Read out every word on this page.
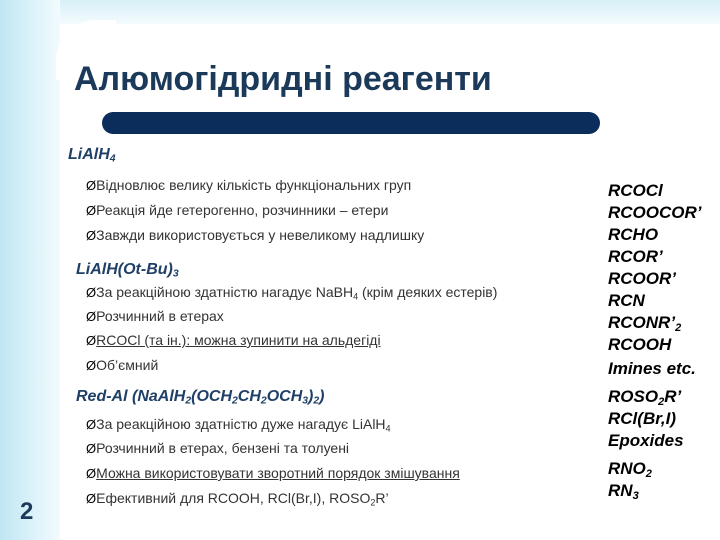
Алюмогідридні реагенти
LiAlH$_4$
ØВідновлює велику кількість функціональних груп
ØРеакція йде гетерогенно, розчинники – етери
ØЗавжди використовується у невеликому надлишку
$LiAlH(Ot-Bu)_3$
ØЗа реакційною здатністю нагадує NaBH$_4$ (крім деяких естерів)
ØРозчинний в етерах
ØRCOCl (та ін.): можна зупинити на альдегіді
ØОб’ємний
Red-Al $(NaAlH_2(OCH_2CH_2OCH_3)_2)$
ØЗа реакційною здатністю дуже нагадує LiAlH$_4$
ØРозчинний в етерах, бензені та толуені
ØМожна використовувати зворотний порядок змішування
ØЕфективний для RCOOH, RCl(Br,I), $ROSO_2R$’
RCOCl
RCOOCOR’
RCHO
RCOR’
RCOOR’
RCN
$RCONR’_2$
RCOOH
Imines etc.
$ROSO_2R$’
RCl(Br,I)
Epoxides
$RNO_2$
$RN_3$
2
